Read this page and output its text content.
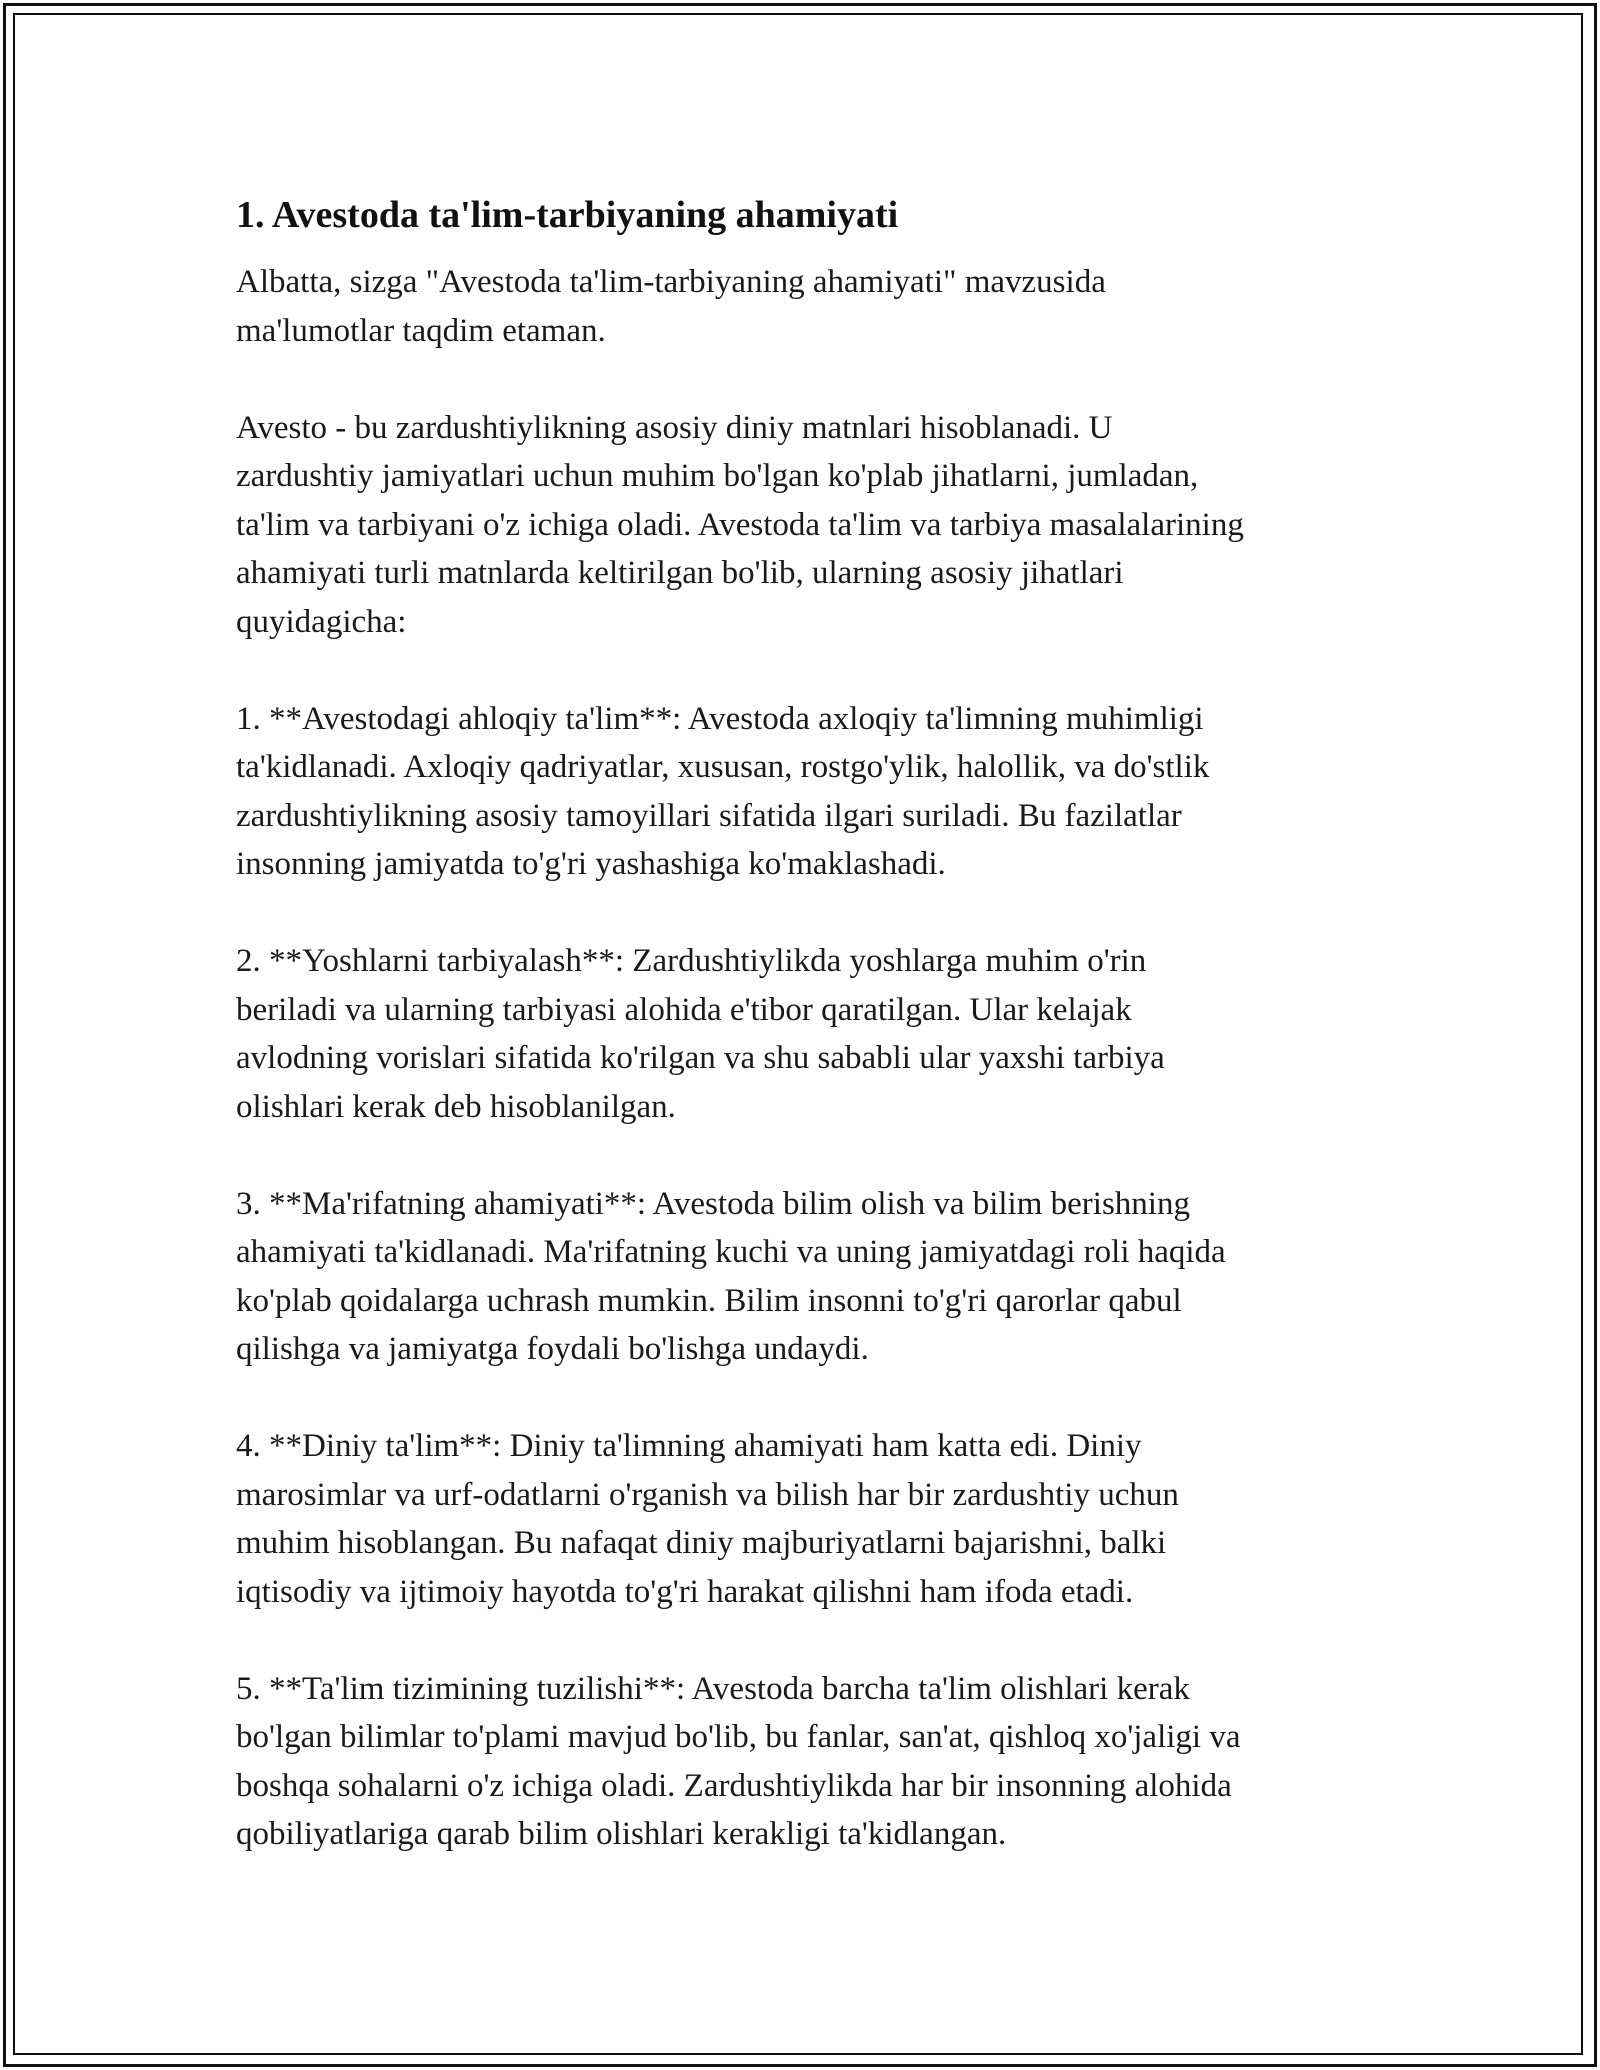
1. Avestoda ta'lim-tarbiyaning ahamiyati
Albatta, sizga "Avestoda ta'lim-tarbiyaning ahamiyati" mavzusida
ma'lumotlar taqdim etaman.
Avesto - bu zardushtiylikning asosiy diniy matnlari hisoblanadi. U
zardushtiy jamiyatlari uchun muhim bo'lgan ko'plab jihatlarni, jumladan,
ta'lim va tarbiyani o'z ichiga oladi. Avestoda ta'lim va tarbiya masalalarining
ahamiyati turli matnlarda keltirilgan bo'lib, ularning asosiy jihatlari
quyidagicha:
1. **Avestodagi ahloqiy ta'lim**: Avestoda axloqiy ta'limning muhimligi
ta'kidlanadi. Axloqiy qadriyatlar, xususan, rostgo'ylik, halollik, va do'stlik
zardushtiylikning asosiy tamoyillari sifatida ilgari suriladi. Bu fazilatlar
insonning jamiyatda to'g'ri yashashiga ko'maklashadi.
2. **Yoshlarni tarbiyalash**: Zardushtiylikda yoshlarga muhim o'rin
beriladi va ularning tarbiyasi alohida e'tibor qaratilgan. Ular kelajak
avlodning vorislari sifatida ko'rilgan va shu sababli ular yaxshi tarbiya
olishlari kerak deb hisoblanilgan.
3. **Ma'rifatning ahamiyati**: Avestoda bilim olish va bilim berishning
ahamiyati ta'kidlanadi. Ma'rifatning kuchi va uning jamiyatdagi roli haqida
ko'plab qoidalarga uchrash mumkin. Bilim insonni to'g'ri qarorlar qabul
qilishga va jamiyatga foydali bo'lishga undaydi.
4. **Diniy ta'lim**: Diniy ta'limning ahamiyati ham katta edi. Diniy
marosimlar va urf-odatlarni o'rganish va bilish har bir zardushtiy uchun
muhim hisoblangan. Bu nafaqat diniy majburiyatlarni bajarishni, balki
iqtisodiy va ijtimoiy hayotda to'g'ri harakat qilishni ham ifoda etadi.
5. **Ta'lim tizimining tuzilishi**: Avestoda barcha ta'lim olishlari kerak
bo'lgan bilimlar to'plami mavjud bo'lib, bu fanlar, san'at, qishloq xo'jaligi va
boshqa sohalarni o'z ichiga oladi. Zardushtiylikda har bir insonning alohida
qobiliyatlariga qarab bilim olishlari kerakligi ta'kidlangan.
